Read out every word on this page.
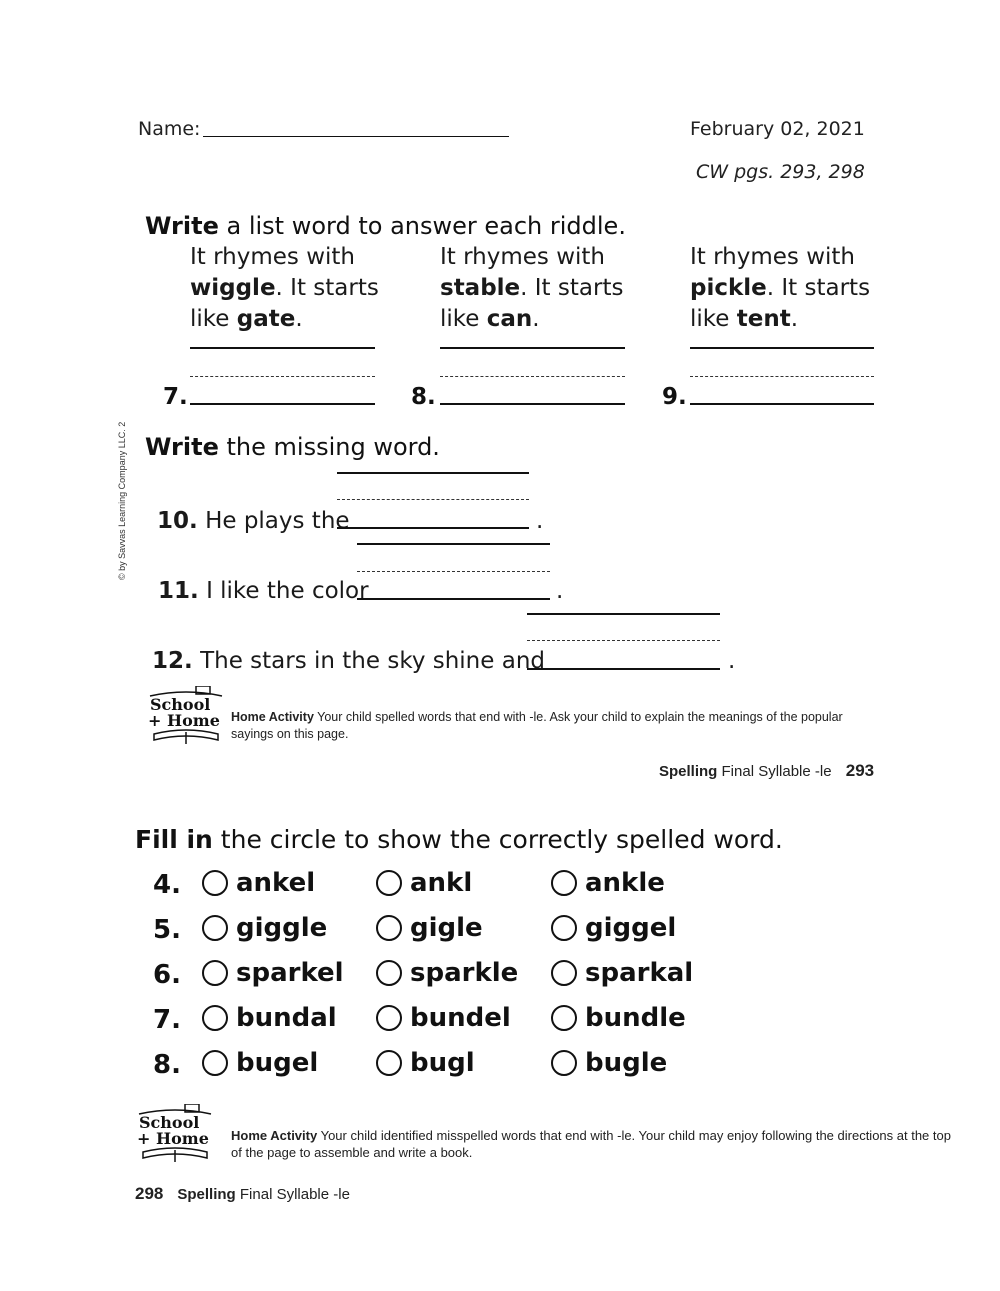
Name:	February 02, 2021
CW pgs. 293, 298
© by Savvas Learning Company LLC. 2
Write a list word to answer each riddle.
It rhymes with
wiggle. It starts
like gate.
7.
It rhymes with
stable. It starts
like can.
8.
It rhymes with
pickle. It starts
like tent.
9.
Write the missing word.
10. He plays the	.
11. I like the color	.
12. The stars in the sky shine and	.
School
+ Home Home Activity Your child spelled words that end with -le. Ask your child to explain the meanings of the popular sayings on this page.
Spelling Final Syllable -le 293
Fill in the circle to show the correctly spelled word.
4. ankel	ankl	ankle
5. giggle	gigle	giggel
6. sparkel	sparkle	sparkal
7. bundal	bundel	bundle
8. bugel	bugl	bugle
School
+ Home Home Activity Your child identified misspelled words that end with -le. Your child may enjoy following the directions at the top of the page to assemble and write a book.
298 Spelling Final Syllable -le
